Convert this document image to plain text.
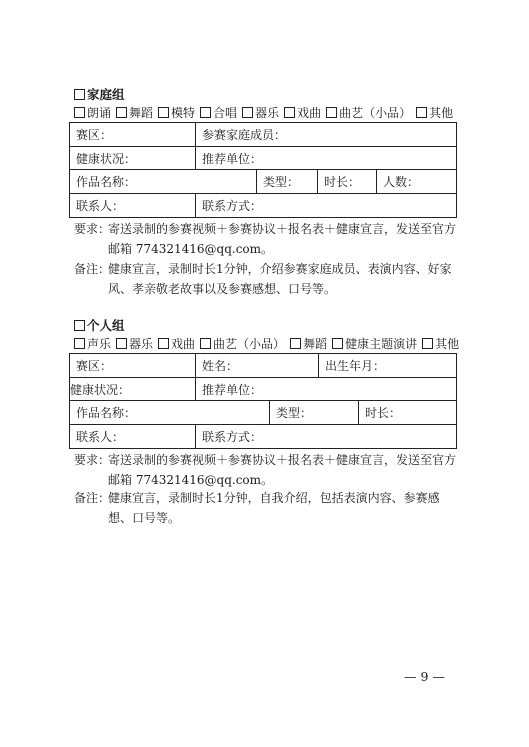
家庭组
朗诵 舞蹈 模特 合唱 器乐 戏曲 曲艺（小品） 其他
赛区：	参赛家庭成员：
健康状况：	推荐单位：
作品名称：	类型： 时长： 人数：
联系人：	联系方式：
要求：
寄送录制的参赛视频＋参赛协议＋报名表＋健康宣言，发送至官方邮箱 774321416@qq.com。
备注：
健康宣言，录制时长1分钟，介绍参赛家庭成员、表演内容、好家风、孝亲敬老故事以及参赛感想、口号等。
个人组
声乐 器乐 戏曲 曲艺（小品） 舞蹈 健康主题演讲 其他
赛区：	姓名：	出生年月：
健康状况：	推荐单位：
作品名称：	类型：	时长：
联系人：	联系方式：
要求：
寄送录制的参赛视频＋参赛协议＋报名表＋健康宣言，发送至官方邮箱 774321416@qq.com。
备注：
健康宣言，录制时长1分钟，自我介绍，包括表演内容、参赛感想、口号等。
— 9 —
